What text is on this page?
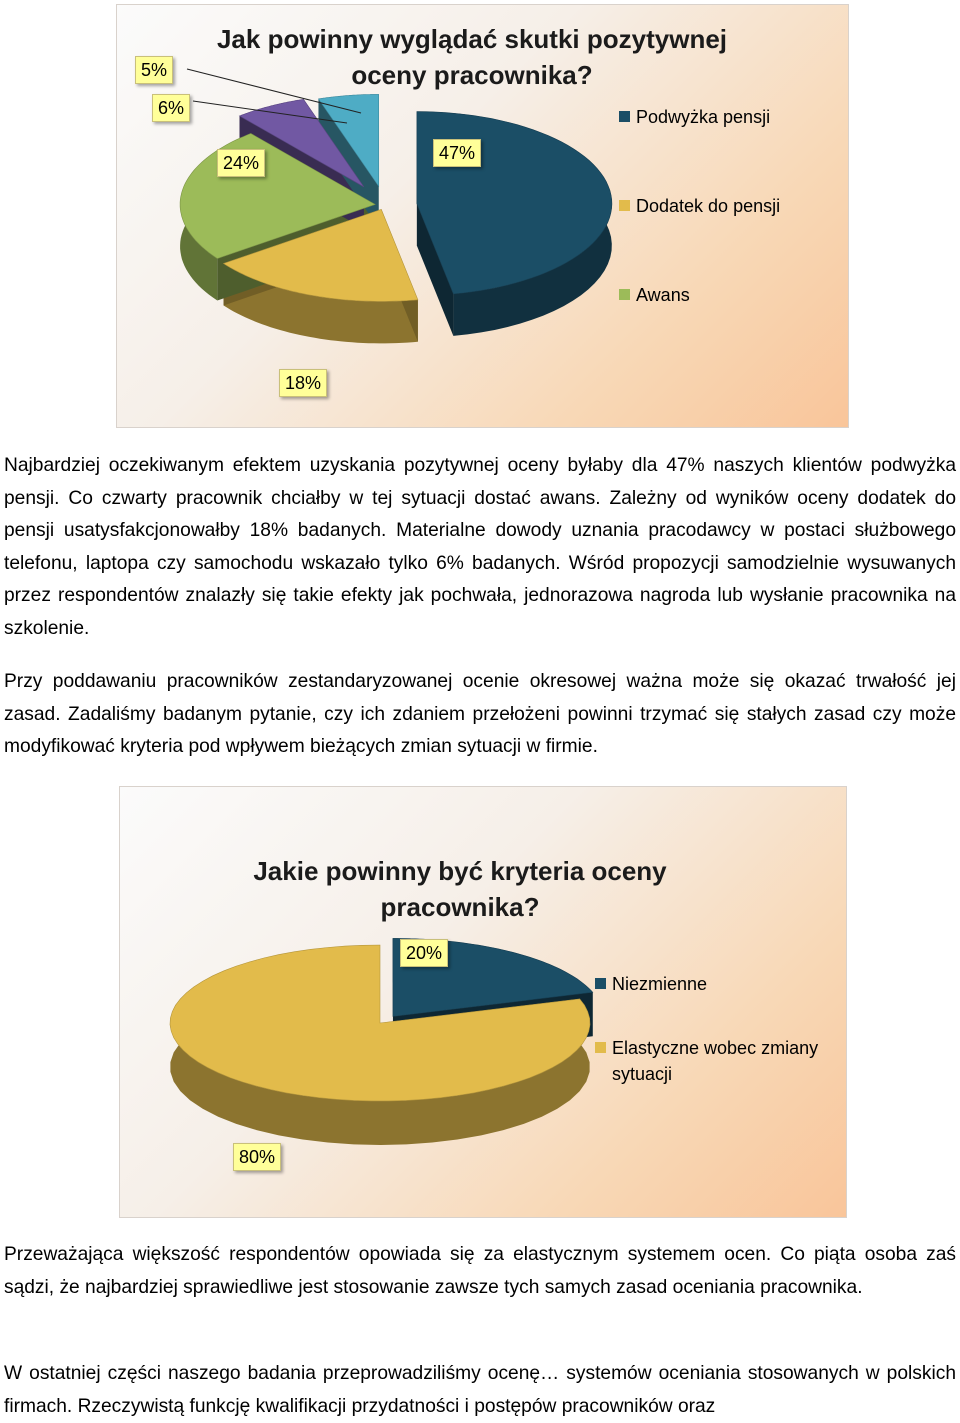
Jak powinny wyglądać skutki pozytywnej
oceny pracownika?
47%
18%
24%
6%
5%
Podwyżka pensji
Dodatek do pensji
Awans
Najbardziej oczekiwanym efektem uzyskania pozytywnej oceny byłaby dla 47% naszych klientów podwyżka pensji. Co czwarty pracownik chciałby w tej sytuacji dostać awans. Zależny od wyników oceny dodatek do pensji usatysfakcjonowałby 18% badanych. Materialne dowody uznania pracodawcy w postaci służbowego telefonu, laptopa czy samochodu wskazało tylko 6% badanych. Wśród propozycji samodzielnie wysuwanych przez respondentów znalazły się takie efekty jak pochwała, jednorazowa nagroda lub wysłanie pracownika na szkolenie.
Przy poddawaniu pracowników zestandaryzowanej ocenie okresowej ważna może się okazać trwałość jej zasad. Zadaliśmy badanym pytanie, czy ich zdaniem przełożeni powinni trzymać się stałych zasad czy może modyfikować kryteria pod wpływem bieżących zmian sytuacji w firmie.
Jakie powinny być kryteria oceny pracownika?
20%
80%
Niezmienne
Elastyczne wobec zmiany
sytuacji
Przeważająca większość respondentów opowiada się za elastycznym systemem ocen. Co piąta osoba zaś sądzi, że najbardziej sprawiedliwe jest stosowanie zawsze tych samych zasad oceniania pracownika.
W ostatniej części naszego badania przeprowadziliśmy ocenę… systemów oceniania stosowanych w polskich firmach. Rzeczywistą funkcję kwalifikacji przydatności i postępów pracowników oraz
